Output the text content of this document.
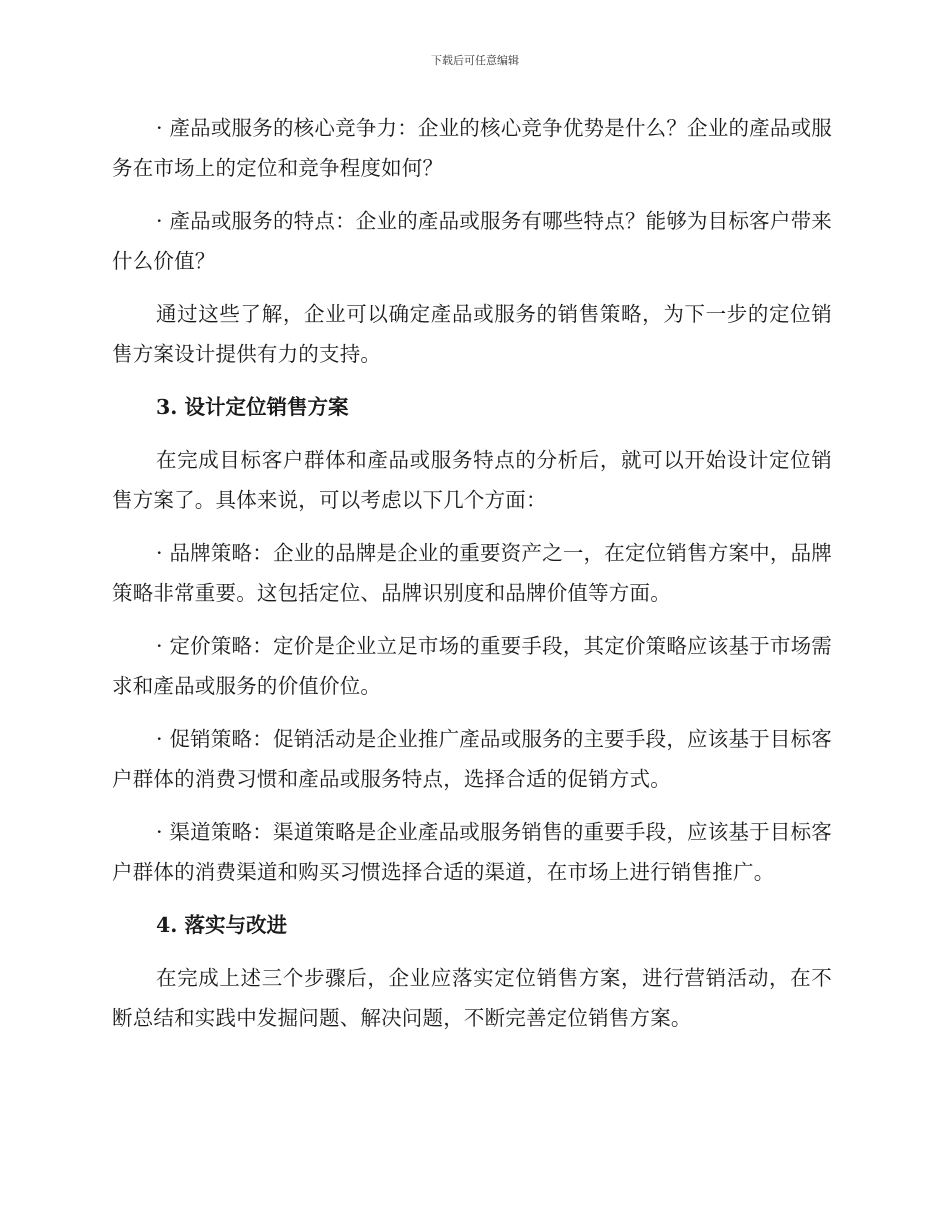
下载后可任意编辑

· 產品或服务的核心竞争力：企业的核心竞争优势是什么？企业的產品或服务在市场上的定位和竞争程度如何？

· 產品或服务的特点：企业的產品或服务有哪些特点？能够为目标客户带来什么价值？

通过这些了解，企业可以确定產品或服务的销售策略，为下一步的定位销售方案设计提供有力的支持。

3. 设计定位销售方案

在完成目标客户群体和產品或服务特点的分析后，就可以开始设计定位销售方案了。具体来说，可以考虑以下几个方面：

· 品牌策略：企业的品牌是企业的重要资产之一，在定位销售方案中，品牌策略非常重要。这包括定位、品牌识别度和品牌价值等方面。

· 定价策略：定价是企业立足市场的重要手段，其定价策略应该基于市场需求和產品或服务的价值价位。

· 促销策略：促销活动是企业推广產品或服务的主要手段，应该基于目标客户群体的消费习惯和產品或服务特点，选择合适的促销方式。

· 渠道策略：渠道策略是企业產品或服务销售的重要手段，应该基于目标客户群体的消费渠道和购买习惯选择合适的渠道，在市场上进行销售推广。

4. 落实与改进

在完成上述三个步骤后，企业应落实定位销售方案，进行营销活动，在不断总结和实践中发掘问题、解决问题，不断完善定位销售方案。
